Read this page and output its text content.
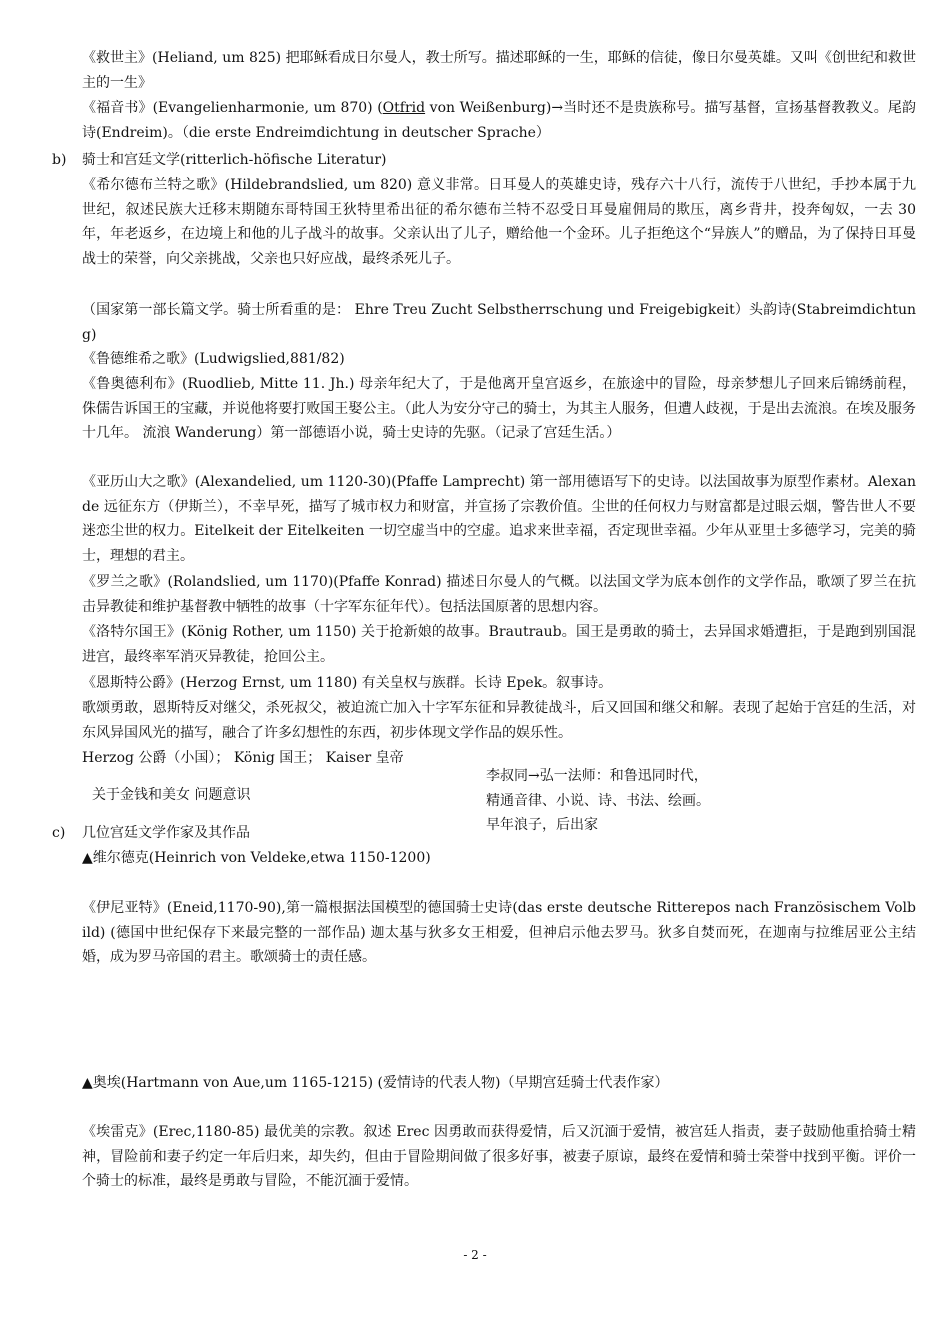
《救世主》(Heliand, um 825) 把耶稣看成日尔曼人，教士所写。描述耶稣的一生，耶稣的信徒，像日尔曼英雄。又叫《创世纪和救世主的一生》
《福音书》(Evangelienharmonie, um 870) (Otfrid von Weißenburg)→当时还不是贵族称号。描写基督，宣扬基督教教义。尾韵诗(Endreim)。（die erste Endreimdichtung in deutscher Sprache）
b) 骑士和宫廷文学(ritterlich-höfische Literatur)
《希尔德布兰特之歌》(Hildebrandslied, um 820) 意义非常。日耳曼人的英雄史诗，残存六十八行，流传于八世纪，手抄本属于九世纪，叙述民族大迁移末期随东哥特国王狄特里希出征的希尔德布兰特不忍受日耳曼雇佣局的欺压，离乡背井，投奔匈奴，一去 30 年，年老返乡，在边境上和他的儿子战斗的故事。父亲认出了儿子，赠给他一个金环。儿子拒绝这个“异族人”的赠品，为了保持日耳曼战士的荣誉，向父亲挑战，父亲也只好应战，最终杀死儿子。
（国家第一部长篇文学。骑士所看重的是： Ehre Treu Zucht Selbstherrschung und Freigebigkeit）头韵诗(Stabreimdichtung)
《鲁德维希之歌》(Ludwigslied,881/82)
《鲁奥德利布》(Ruodlieb, Mitte 11. Jh.) 母亲年纪大了，于是他离开皇宫返乡，在旅途中的冒险，母亲梦想儿子回来后锦绣前程，侏儒告诉国王的宝藏，并说他将要打败国王娶公主。（此人为安分守己的骑士，为其主人服务，但遭人歧视，于是出去流浪。在埃及服务十几年。 流浪 Wanderung）第一部德语小说，骑士史诗的先驱。（记录了宫廷生活。）
《亚历山大之歌》(Alexandelied, um 1120-30)(Pfaffe Lamprecht) 第一部用德语写下的史诗。以法国故事为原型作素材。Alexande 远征东方（伊斯兰），不幸早死，描写了城市权力和财富，并宣扬了宗教价值。尘世的任何权力与财富都是过眼云烟，警告世人不要迷恋尘世的权力。Eitelkeit der Eitelkeiten 一切空虚当中的空虚。追求来世幸福，否定现世幸福。少年从亚里士多德学习，完美的骑士，理想的君主。
《罗兰之歌》(Rolandslied, um 1170)(Pfaffe Konrad) 描述日尔曼人的气概。以法国文学为底本创作的文学作品，歌颂了罗兰在抗击异教徒和维护基督教中牺牲的故事（十字军东征年代）。包括法国原著的思想内容。
《洛特尔国王》(König Rother, um 1150) 关于抢新娘的故事。Brautraub。国王是勇敢的骑士，去异国求婚遭拒，于是跑到别国混进宫，最终率军消灭异教徒，抢回公主。
《恩斯特公爵》(Herzog Ernst, um 1180) 有关皇权与族群。长诗 Epek。叙事诗。
歌颂勇敢，恩斯特反对继父，杀死叔父，被迫流亡加入十字军东征和异教徒战斗，后又回国和继父和解。表现了起始于宫廷的生活，对东风异国风光的描写，融合了许多幻想性的东西，初步体现文学作品的娱乐性。
Herzog 公爵（小国）； König 国王； Kaiser 皇帝
关于金钱和美女 问题意识
李叔同→弘一法师：和鲁迅同时代，精通音律、小说、诗、书法、绘画。早年浪子，后出家
c) 几位宫廷文学作家及其作品
▲维尔德克(Heinrich von Veldeke,etwa 1150-1200)
《伊尼亚特》(Eneid,1170-90),第一篇根据法国模型的德国骑士史诗(das erste deutsche Ritterepos nach Französischem Volbild) (德国中世纪保存下来最完整的一部作品) 迦太基与狄多女王相爱，但神启示他去罗马。狄多自焚而死，在迦南与拉维居亚公主结婚，成为罗马帝国的君主。歌颂骑士的责任感。
▲奥埃(Hartmann von Aue,um 1165-1215) (爱情诗的代表人物)（早期宫廷骑士代表作家）
《埃雷克》(Erec,1180-85) 最优美的宗教。叙述 Erec 因勇敢而获得爱情，后又沉湎于爱情，被宫廷人指责，妻子鼓励他重拾骑士精神，冒险前和妻子约定一年后归来，却失约，但由于冒险期间做了很多好事，被妻子原谅，最终在爱情和骑士荣誉中找到平衡。评价一个骑士的标准，最终是勇敢与冒险，不能沉湎于爱情。
- 2 -
